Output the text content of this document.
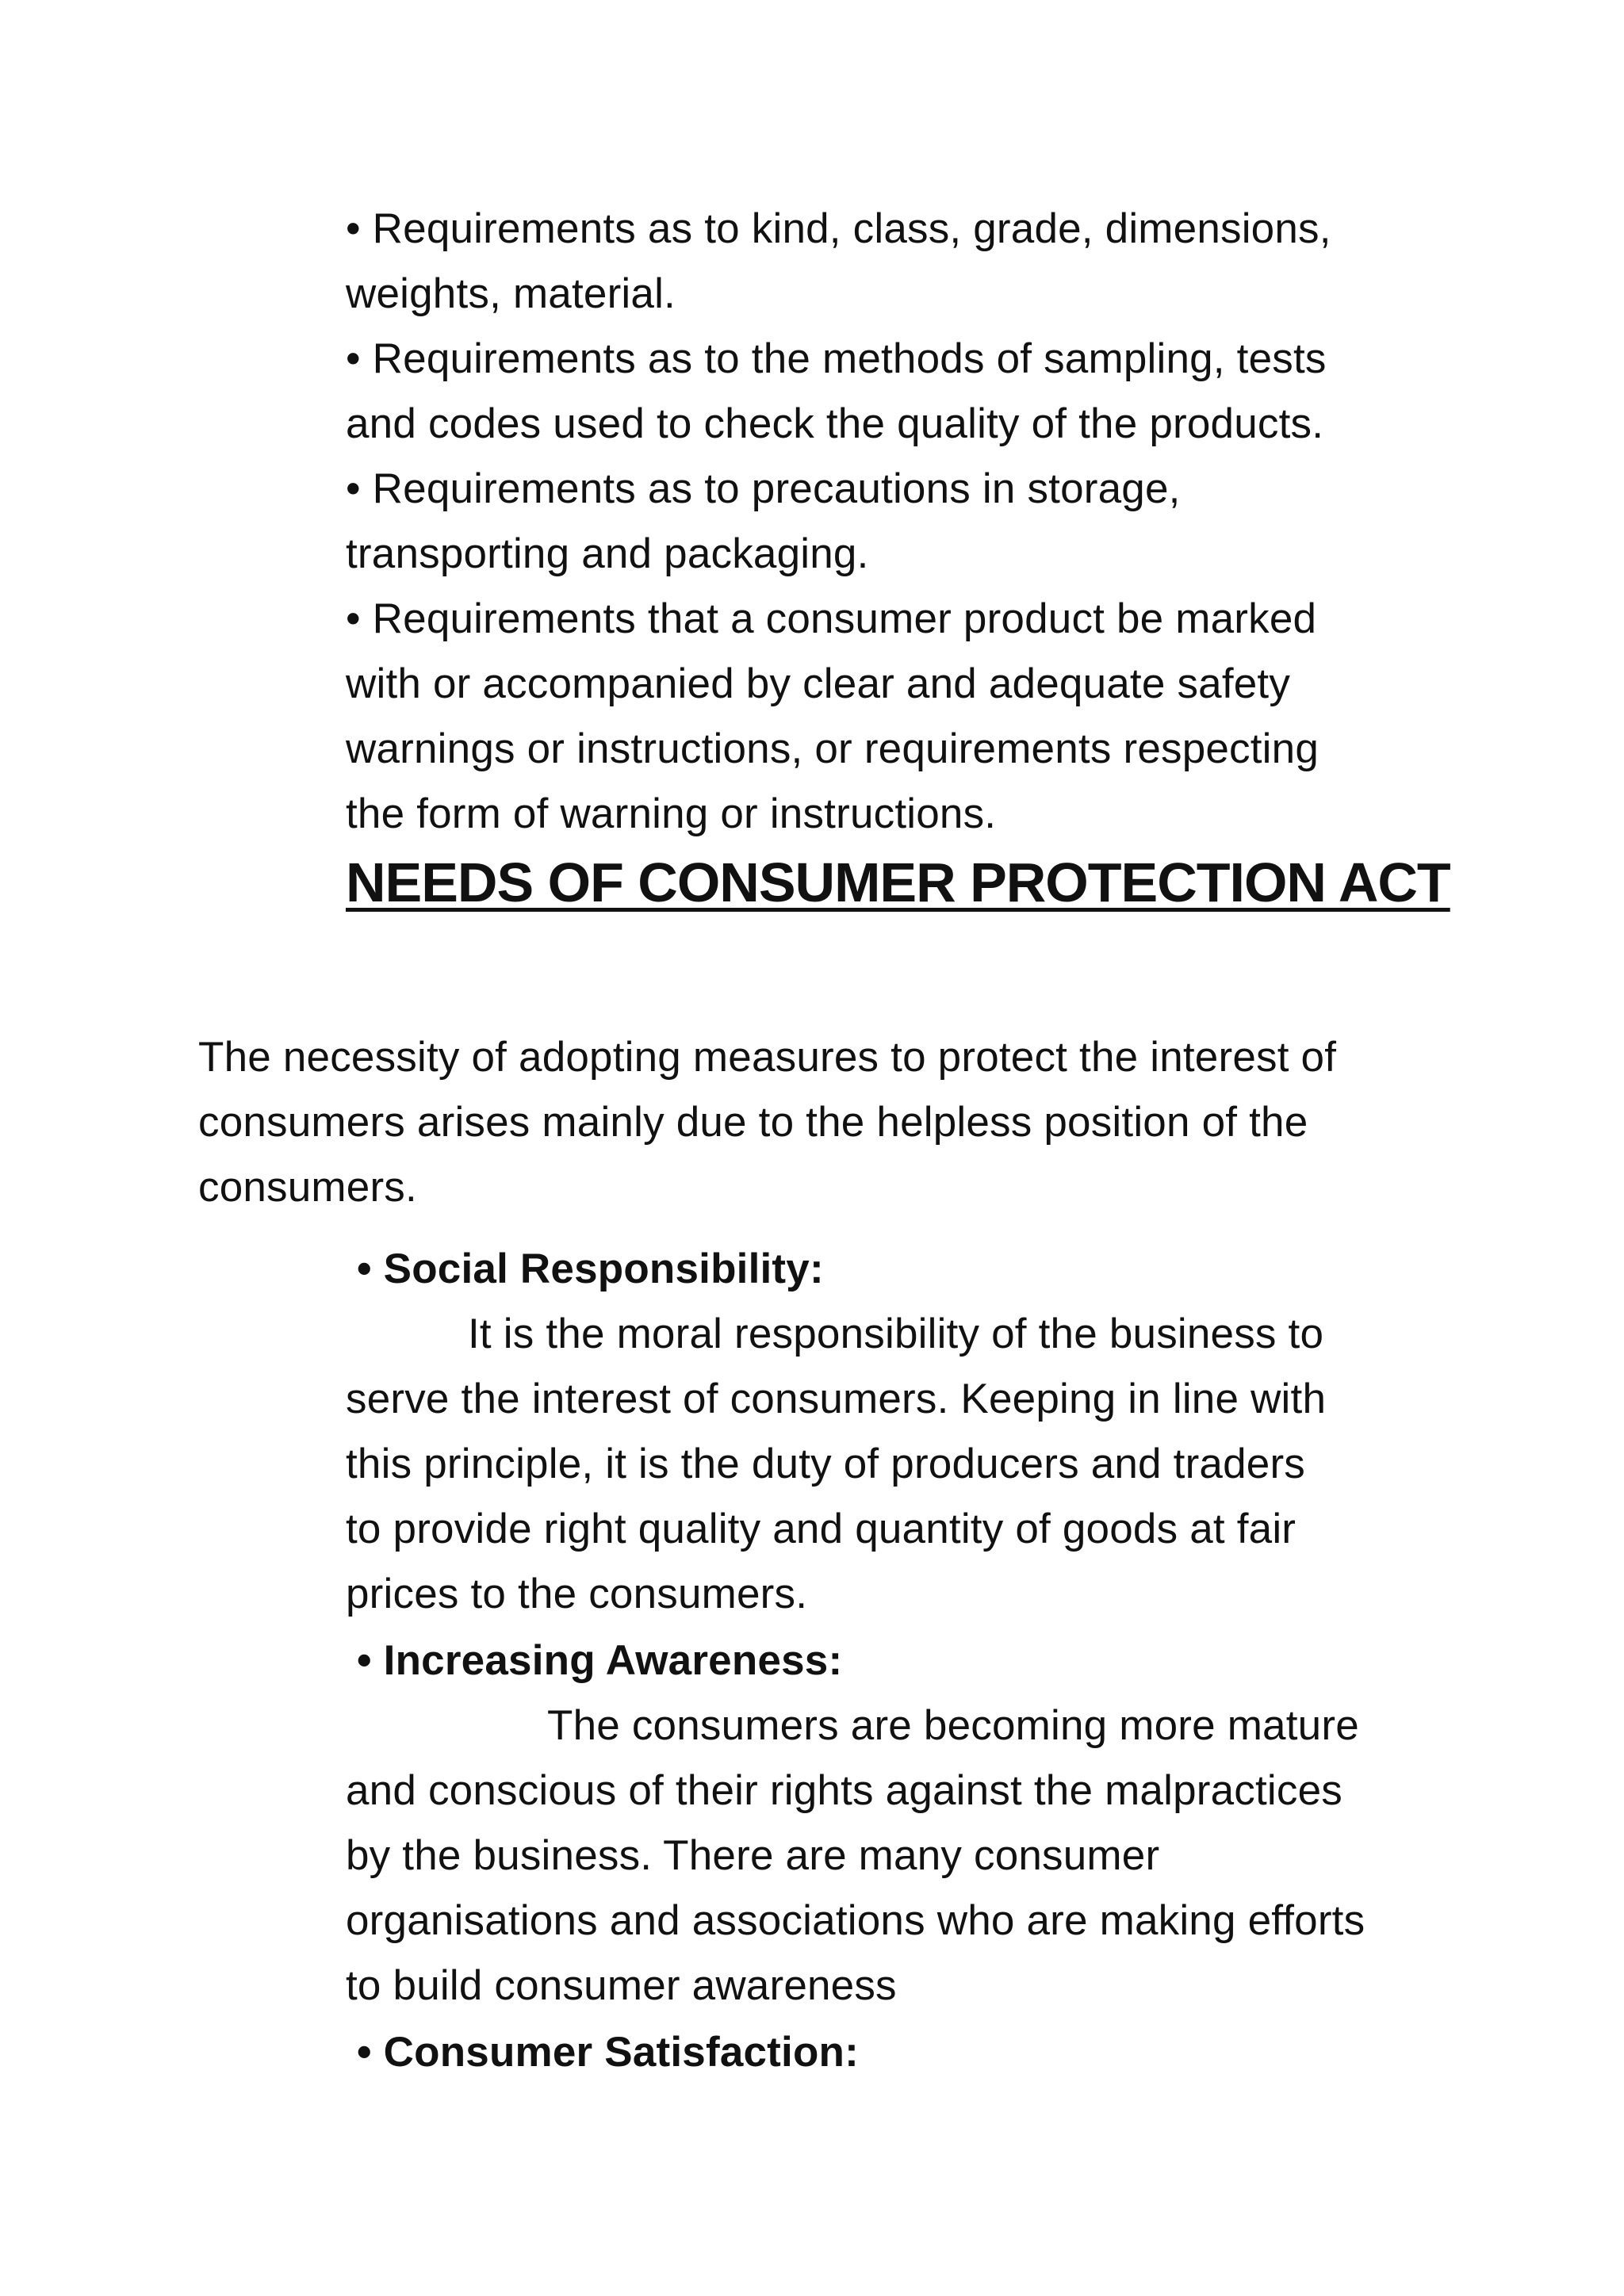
• Requirements as to kind, class, grade, dimensions,
weights, material.
• Requirements as to the methods of sampling, tests
and codes used to check the quality of the products.
• Requirements as to precautions in storage,
transporting and packaging.
• Requirements that a consumer product be marked
with or accompanied by clear and adequate safety
warnings or instructions, or requirements respecting
the form of warning or instructions.
NEEDS OF CONSUMER PROTECTION ACT
The necessity of adopting measures to protect the interest of
consumers arises mainly due to the helpless position of the
consumers.
• Social Responsibility:
It is the moral responsibility of the business to
serve the interest of consumers. Keeping in line with
this principle, it is the duty of producers and traders
to provide right quality and quantity of goods at fair
prices to the consumers.
• Increasing Awareness:
The consumers are becoming more mature
and conscious of their rights against the malpractices
by the business. There are many consumer
organisations and associations who are making efforts
to build consumer awareness
• Consumer Satisfaction:
